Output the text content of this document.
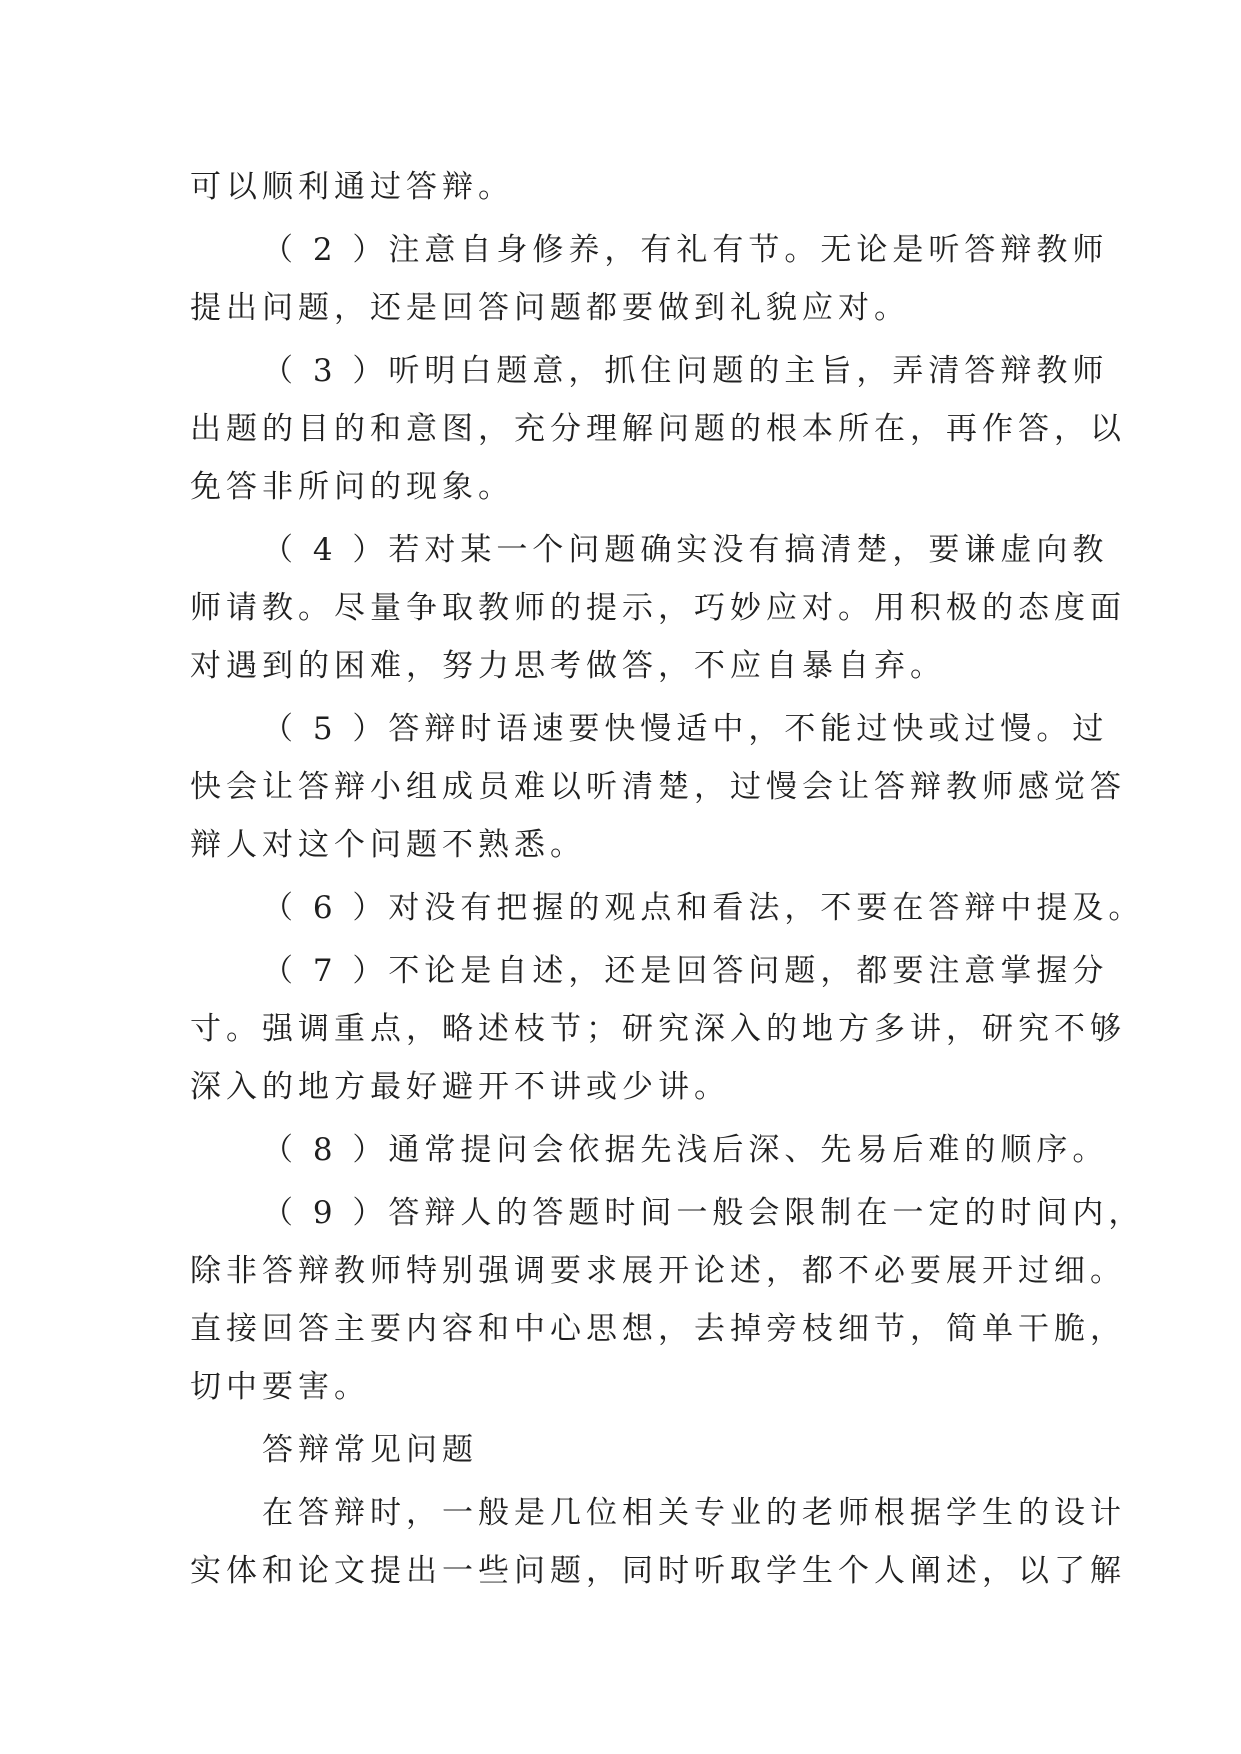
可以顺利通过答辩。
（ 2 ）注意自身修养，有礼有节。无论是听答辩教师
提出问题，还是回答问题都要做到礼貌应对。
（ 3 ）听明白题意，抓住问题的主旨，弄清答辩教师
出题的目的和意图，充分理解问题的根本所在，再作答，以
免答非所问的现象。
（ 4 ）若对某一个问题确实没有搞清楚，要谦虚向教
师请教。尽量争取教师的提示，巧妙应对。用积极的态度面
对遇到的困难，努力思考做答，不应自暴自弃。
（ 5 ）答辩时语速要快慢适中，不能过快或过慢。过
快会让答辩小组成员难以听清楚，过慢会让答辩教师感觉答
辩人对这个问题不熟悉。
（ 6 ）对没有把握的观点和看法，不要在答辩中提及。
（ 7 ）不论是自述，还是回答问题，都要注意掌握分
寸。强调重点，略述枝节；研究深入的地方多讲，研究不够
深入的地方最好避开不讲或少讲。
（ 8 ）通常提问会依据先浅后深、先易后难的顺序。
（ 9 ）答辩人的答题时间一般会限制在一定的时间内，
除非答辩教师特别强调要求展开论述，都不必要展开过细。
直接回答主要内容和中心思想，去掉旁枝细节，简单干脆，
切中要害。
答辩常见问题
在答辩时，一般是几位相关专业的老师根据学生的设计
实体和论文提出一些问题，同时听取学生个人阐述，以了解
